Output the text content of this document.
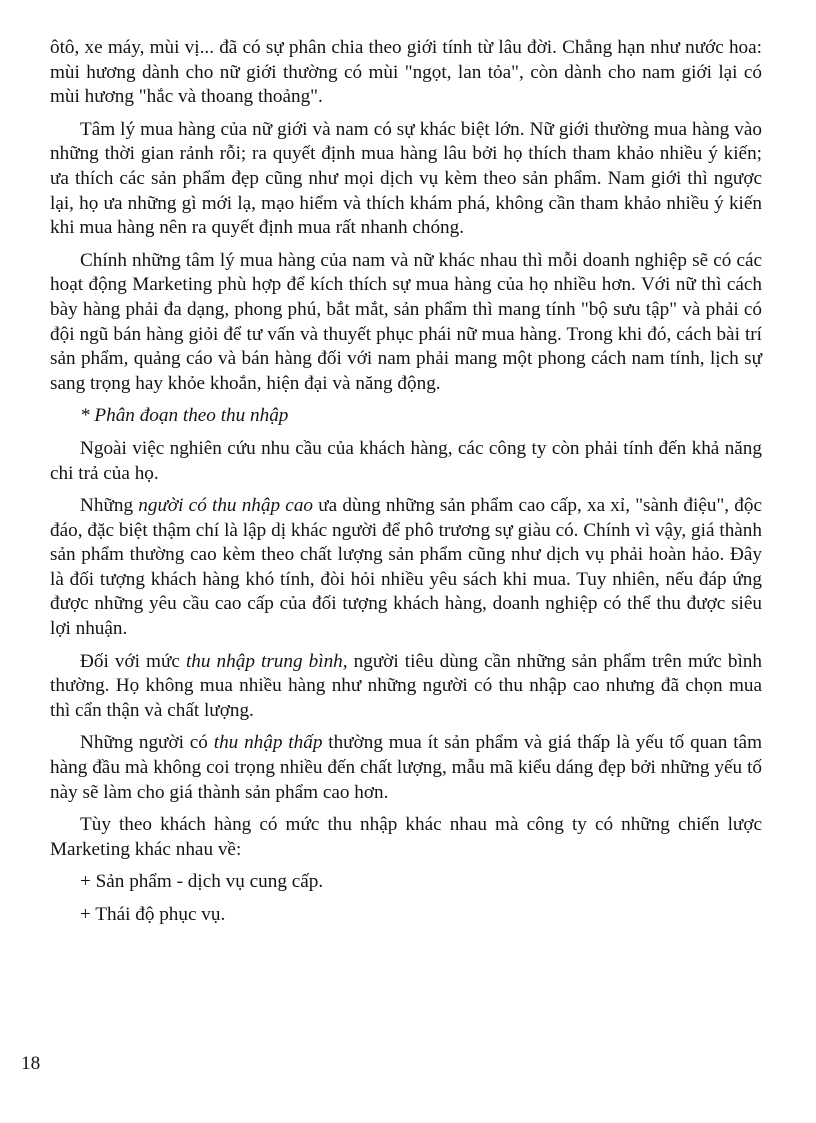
ôtô, xe máy, mùi vị... đã có sự phân chia theo giới tính từ lâu đời. Chẳng hạn như nước hoa: mùi hương dành cho nữ giới thường có mùi "ngọt, lan tỏa", còn dành cho nam giới lại có mùi hương "hắc và thoang thoảng".

Tâm lý mua hàng của nữ giới và nam có sự khác biệt lớn. Nữ giới thường mua hàng vào những thời gian rảnh rỗi; ra quyết định mua hàng lâu bởi họ thích tham khảo nhiều ý kiến; ưa thích các sản phẩm đẹp cũng như mọi dịch vụ kèm theo sản phẩm. Nam giới thì ngược lại, họ ưa những gì mới lạ, mạo hiểm và thích khám phá, không cần tham khảo nhiều ý kiến khi mua hàng nên ra quyết định mua rất nhanh chóng.

Chính những tâm lý mua hàng của nam và nữ khác nhau thì mỗi doanh nghiệp sẽ có các hoạt động Marketing phù hợp để kích thích sự mua hàng của họ nhiều hơn. Với nữ thì cách bày hàng phải đa dạng, phong phú, bắt mắt, sản phẩm thì mang tính "bộ sưu tập" và phải có đội ngũ bán hàng giỏi để tư vấn và thuyết phục phái nữ mua hàng. Trong khi đó, cách bài trí sản phẩm, quảng cáo và bán hàng đối với nam phải mang một phong cách nam tính, lịch sự sang trọng hay khỏe khoắn, hiện đại và năng động.

* Phân đoạn theo thu nhập

Ngoài việc nghiên cứu nhu cầu của khách hàng, các công ty còn phải tính đến khả năng chi trả của họ.

Những người có thu nhập cao ưa dùng những sản phẩm cao cấp, xa xỉ, "sành điệu", độc đáo, đặc biệt thậm chí là lập dị khác người để phô trương sự giàu có. Chính vì vậy, giá thành sản phẩm thường cao kèm theo chất lượng sản phẩm cũng như dịch vụ phải hoàn hảo. Đây là đối tượng khách hàng khó tính, đòi hỏi nhiều yêu sách khi mua. Tuy nhiên, nếu đáp ứng được những yêu cầu cao cấp của đối tượng khách hàng, doanh nghiệp có thể thu được siêu lợi nhuận.

Đối với mức thu nhập trung bình, người tiêu dùng cần những sản phẩm trên mức bình thường. Họ không mua nhiều hàng như những người có thu nhập cao nhưng đã chọn mua thì cẩn thận và chất lượng.

Những người có thu nhập thấp thường mua ít sản phẩm và giá thấp là yếu tố quan tâm hàng đầu mà không coi trọng nhiều đến chất lượng, mẫu mã kiểu dáng đẹp bởi những yếu tố này sẽ làm cho giá thành sản phẩm cao hơn.

Tùy theo khách hàng có mức thu nhập khác nhau mà công ty có những chiến lược Marketing khác nhau về:

+ Sản phẩm - dịch vụ cung cấp.

+ Thái độ phục vụ.

18
